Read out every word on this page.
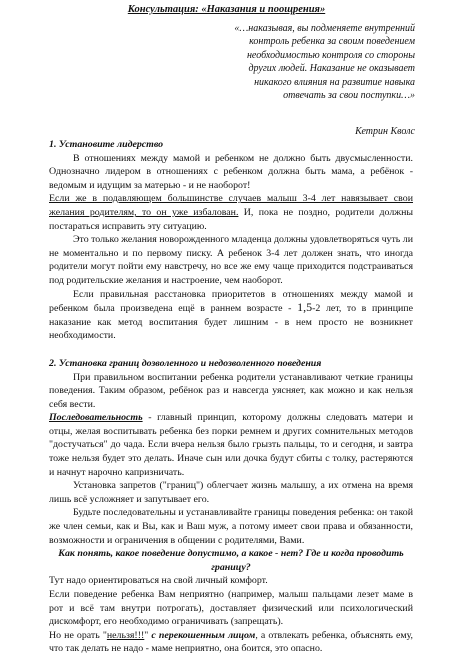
Консультация: «Наказания и поощрения»
«…наказывая, вы подменяете внутренний
контроль ребенка за своим поведением
необходимостью контроля со стороны
других людей. Наказание не оказывает
никакого влияния на развитие навыка
отвечать за свои поступки…»
Кетрин Кволс

1. Установите лидерство

В отношениях между мамой и ребенком не должно быть двусмысленности. Однозначно лидером в отношениях с ребенком должна быть мама, а ребёнок - ведомым и идущим за матерью - и не наоборот!

Если же в подавляющем большинстве случаев малыш 3-4 лет навязывает свои желания родителям, то он уже избалован. И, пока не поздно, родители должны постараться исправить эту ситуацию.

Это только желания новорожденного младенца должны удовлетворяться чуть ли не моментально и по первому писку. А ребенок 3-4 лет должен знать, что иногда родители могут пойти ему навстречу, но все же ему чаще приходится подстраиваться под родительские желания и настроение, чем наоборот.

Если правильная расстановка приоритетов в отношениях между мамой и ребенком была произведена ещё в раннем возрасте - 1,5-2 лет, то в принципе наказание как метод воспитания будет лишним - в нем просто не возникнет необходимости.

2. Установка границ дозволенного и недозволенного поведения

При правильном воспитании ребенка родители устанавливают четкие границы поведения. Таким образом, ребёнок раз и навсегда уясняет, как можно и как нельзя себя вести.

Последовательность - главный принцип, которому должны следовать матери и отцы, желая воспитывать ребенка без порки ремнем и других сомнительных методов "достучаться" до чада. Если вчера нельзя было грызть пальцы, то и сегодня, и завтра тоже нельзя будет это делать. Иначе сын или дочка будут сбиты с толку, растеряются и начнут нарочно капризничать.

Установка запретов ("границ") облегчает жизнь малышу, а их отмена на время лишь всё усложняет и запутывает его.

Будьте последовательны и устанавливайте границы поведения ребенка: он такой же член семьи, как и Вы, как и Ваш муж, а потому имеет свои права и обязанности, возможности и ограничения в общении с родителями, Вами.

Как понять, какое поведение допустимо, а какое - нет? Где и когда проводить границу?

Тут надо ориентироваться на свой личный комфорт.

Если поведение ребенка Вам неприятно (например, малыш пальцами лезет маме в рот и всё там внутри потрогать), доставляет физический или психологический дискомфорт, его необходимо ограничивать (запрещать).

Но не орать "нельзя!!!" с перекошенным лицом, а отвлекать ребенка, объяснять ему, что так делать не надо - маме неприятно, она боится, это опасно.
